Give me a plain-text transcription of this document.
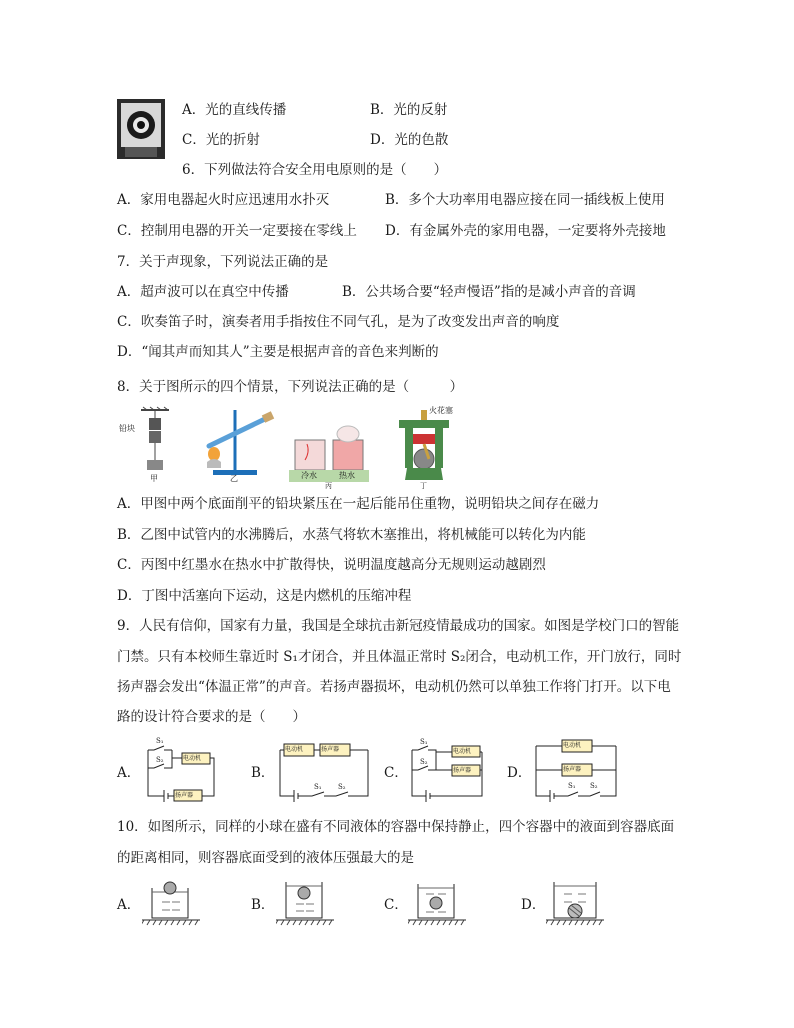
A．光的直线传播	B．光的反射
C．光的折射	D．光的色散
6．下列做法符合安全用电原则的是（　　）
A．家用电器起火时应迅速用水扑灭	B．多个大功率用电器应接在同一插线板上使用
C．控制用电器的开关一定要接在零线上 D．有金属外壳的家用电器，一定要将外壳接地
7．关于声现象，下列说法正确的是
A．超声波可以在真空中传播	B．公共场合要“轻声慢语”指的是减小声音的音调
C．吹奏笛子时，演奏者用手指按住不同气孔，是为了改变发出声音的响度
D．“闻其声而知其人”主要是根据声音的音色来判断的
8．关于图所示的四个情景，下列说法正确的是（　　　）
铅块
甲	乙	冷水	热水
丙	丁
火花塞
A．甲图中两个底面削平的铅块紧压在一起后能吊住重物，说明铅块之间存在磁力
B．乙图中试管内的水沸腾后，水蒸气将软木塞推出，将机械能可以转化为内能
C．丙图中红墨水在热水中扩散得快，说明温度越高分无规则运动越剧烈
D．丁图中活塞向下运动，这是内燃机的压缩冲程
9．人民有信仰，国家有力量，我国是全球抗击新冠疫情最成功的国家。如图是学校门口的智能
门禁。只有本校师生靠近时 S₁才闭合，并且体温正常时 S₂闭合，电动机工作，开门放行，同时
扬声器会发出“体温正常”的声音。若扬声器损坏，电动机仍然可以单独工作将门打开。以下电
路的设计符合要求的是（　　）
A．	B．	C．	D．
S₁
S₂	电动机
扬声器
电动机	扬声器
S₁ S₂
S₁
S₂
电动机
扬声器
电动机
扬声器
S₁ S₂
10．如图所示，同样的小球在盛有不同液体的容器中保持静止，四个容器中的液面到容器底面
的距离相同，则容器底面受到的液体压强最大的是
A．	B．	C．	D．
